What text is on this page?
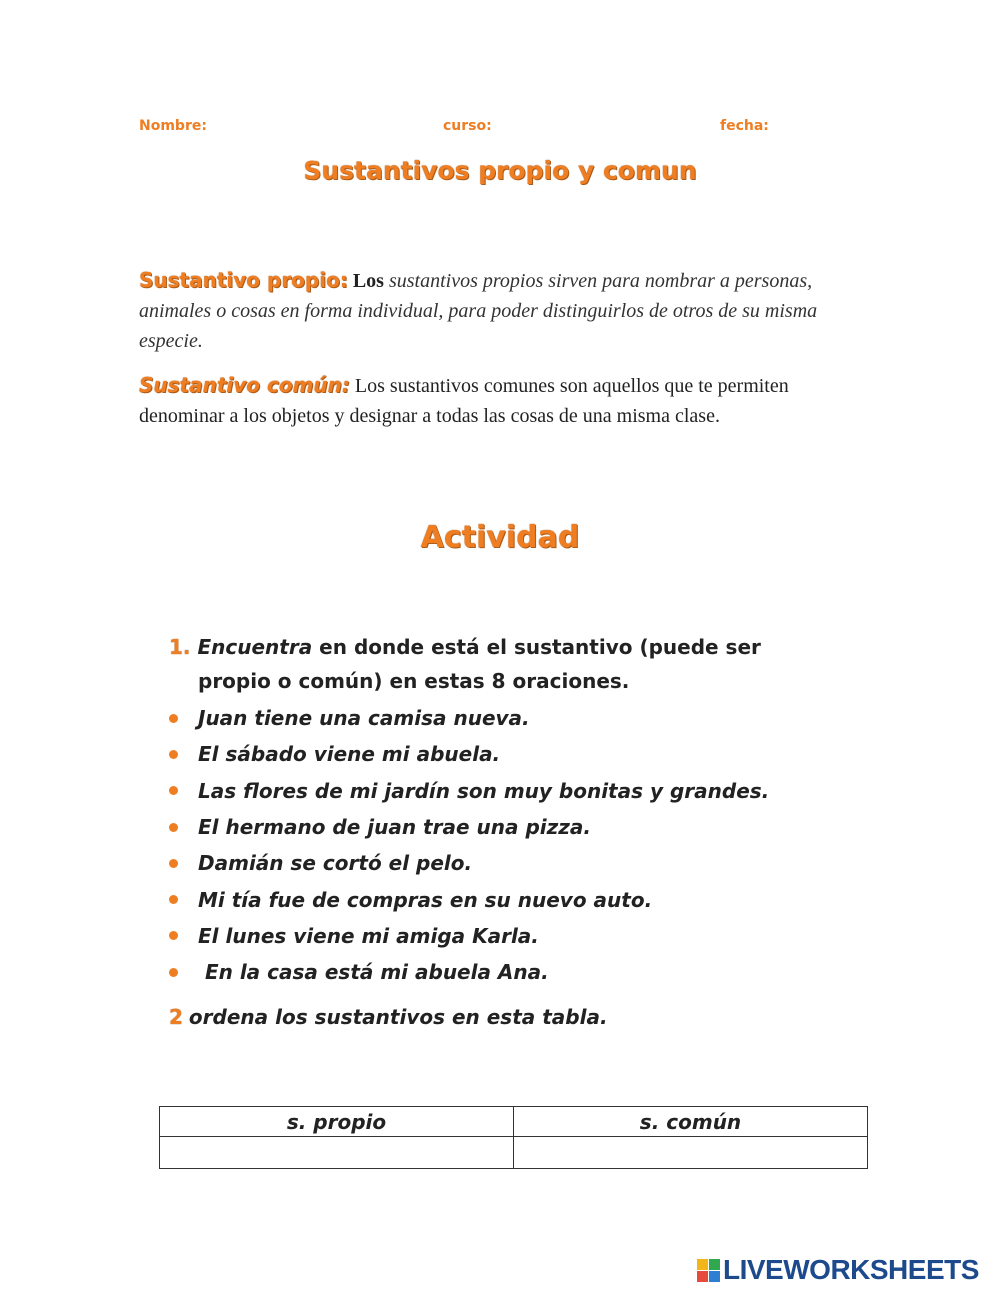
Nombre:	curso:	fecha:
Sustantivos propio y comun
Sustantivo propio: Los sustantivos propios sirven para nombrar a personas, animales o cosas en forma individual, para poder distinguirlos de otros de su misma especie.
Sustantivo común: Los sustantivos comunes son aquellos que te permiten denominar a los objetos y designar a todas las cosas de una misma clase.
Actividad
1. Encuentra en donde está el sustantivo (puede ser
propio o común) en estas 8 oraciones.
Juan tiene una camisa nueva.
El sábado viene mi abuela.
Las flores de mi jardín son muy bonitas y grandes.
El hermano de juan trae una pizza.
Damián se cortó el pelo.
Mi tía fue de compras en su nuevo auto.
El lunes viene mi amiga Karla.
En la casa está mi abuela Ana.
2 ordena los sustantivos en esta tabla.
s. propio	s. común

LIVEWORKSHEETS
